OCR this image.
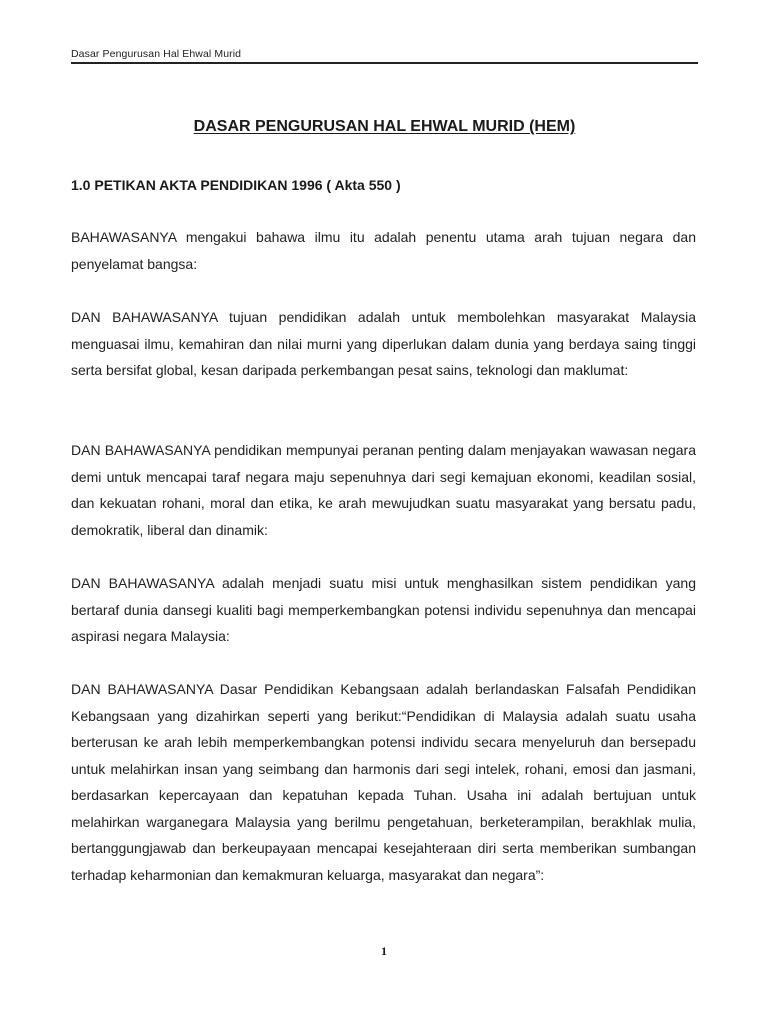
Dasar Pengurusan Hal Ehwal Murid
DASAR PENGURUSAN HAL EHWAL MURID (HEM)
1.0 PETIKAN AKTA PENDIDIKAN 1996 ( Akta 550 )

BAHAWASANYA mengakui bahawa ilmu itu adalah penentu utama arah tujuan negara dan penyelamat bangsa:

DAN BAHAWASANYA tujuan pendidikan adalah untuk membolehkan masyarakat Malaysia menguasai ilmu, kemahiran dan nilai murni yang diperlukan dalam dunia yang berdaya saing tinggi serta bersifat global, kesan daripada perkembangan pesat sains, teknologi dan maklumat:

DAN BAHAWASANYA pendidikan mempunyai peranan penting dalam menjayakan wawasan negara demi untuk mencapai taraf negara maju sepenuhnya dari segi kemajuan ekonomi, keadilan sosial, dan kekuatan rohani, moral dan etika, ke arah mewujudkan suatu masyarakat yang bersatu padu, demokratik, liberal dan dinamik:

DAN BAHAWASANYA adalah menjadi suatu misi untuk menghasilkan sistem pendidikan yang bertaraf dunia dansegi kualiti bagi memperkembangkan potensi individu sepenuhnya dan mencapai aspirasi negara Malaysia:

DAN BAHAWASANYA Dasar Pendidikan Kebangsaan adalah berlandaskan Falsafah Pendidikan Kebangsaan yang dizahirkan seperti yang berikut:“Pendidikan di Malaysia adalah suatu usaha berterusan ke arah lebih memperkembangkan potensi individu secara menyeluruh dan bersepadu untuk melahirkan insan yang seimbang dan harmonis dari segi intelek, rohani, emosi dan jasmani, berdasarkan kepercayaan dan kepatuhan kepada Tuhan. Usaha ini adalah bertujuan untuk melahirkan warganegara Malaysia yang berilmu pengetahuan, berketerampilan, berakhlak mulia, bertanggungjawab dan berkeupayaan mencapai kesejahteraan diri serta memberikan sumbangan terhadap keharmonian dan kemakmuran keluarga, masyarakat dan negara”:

1
